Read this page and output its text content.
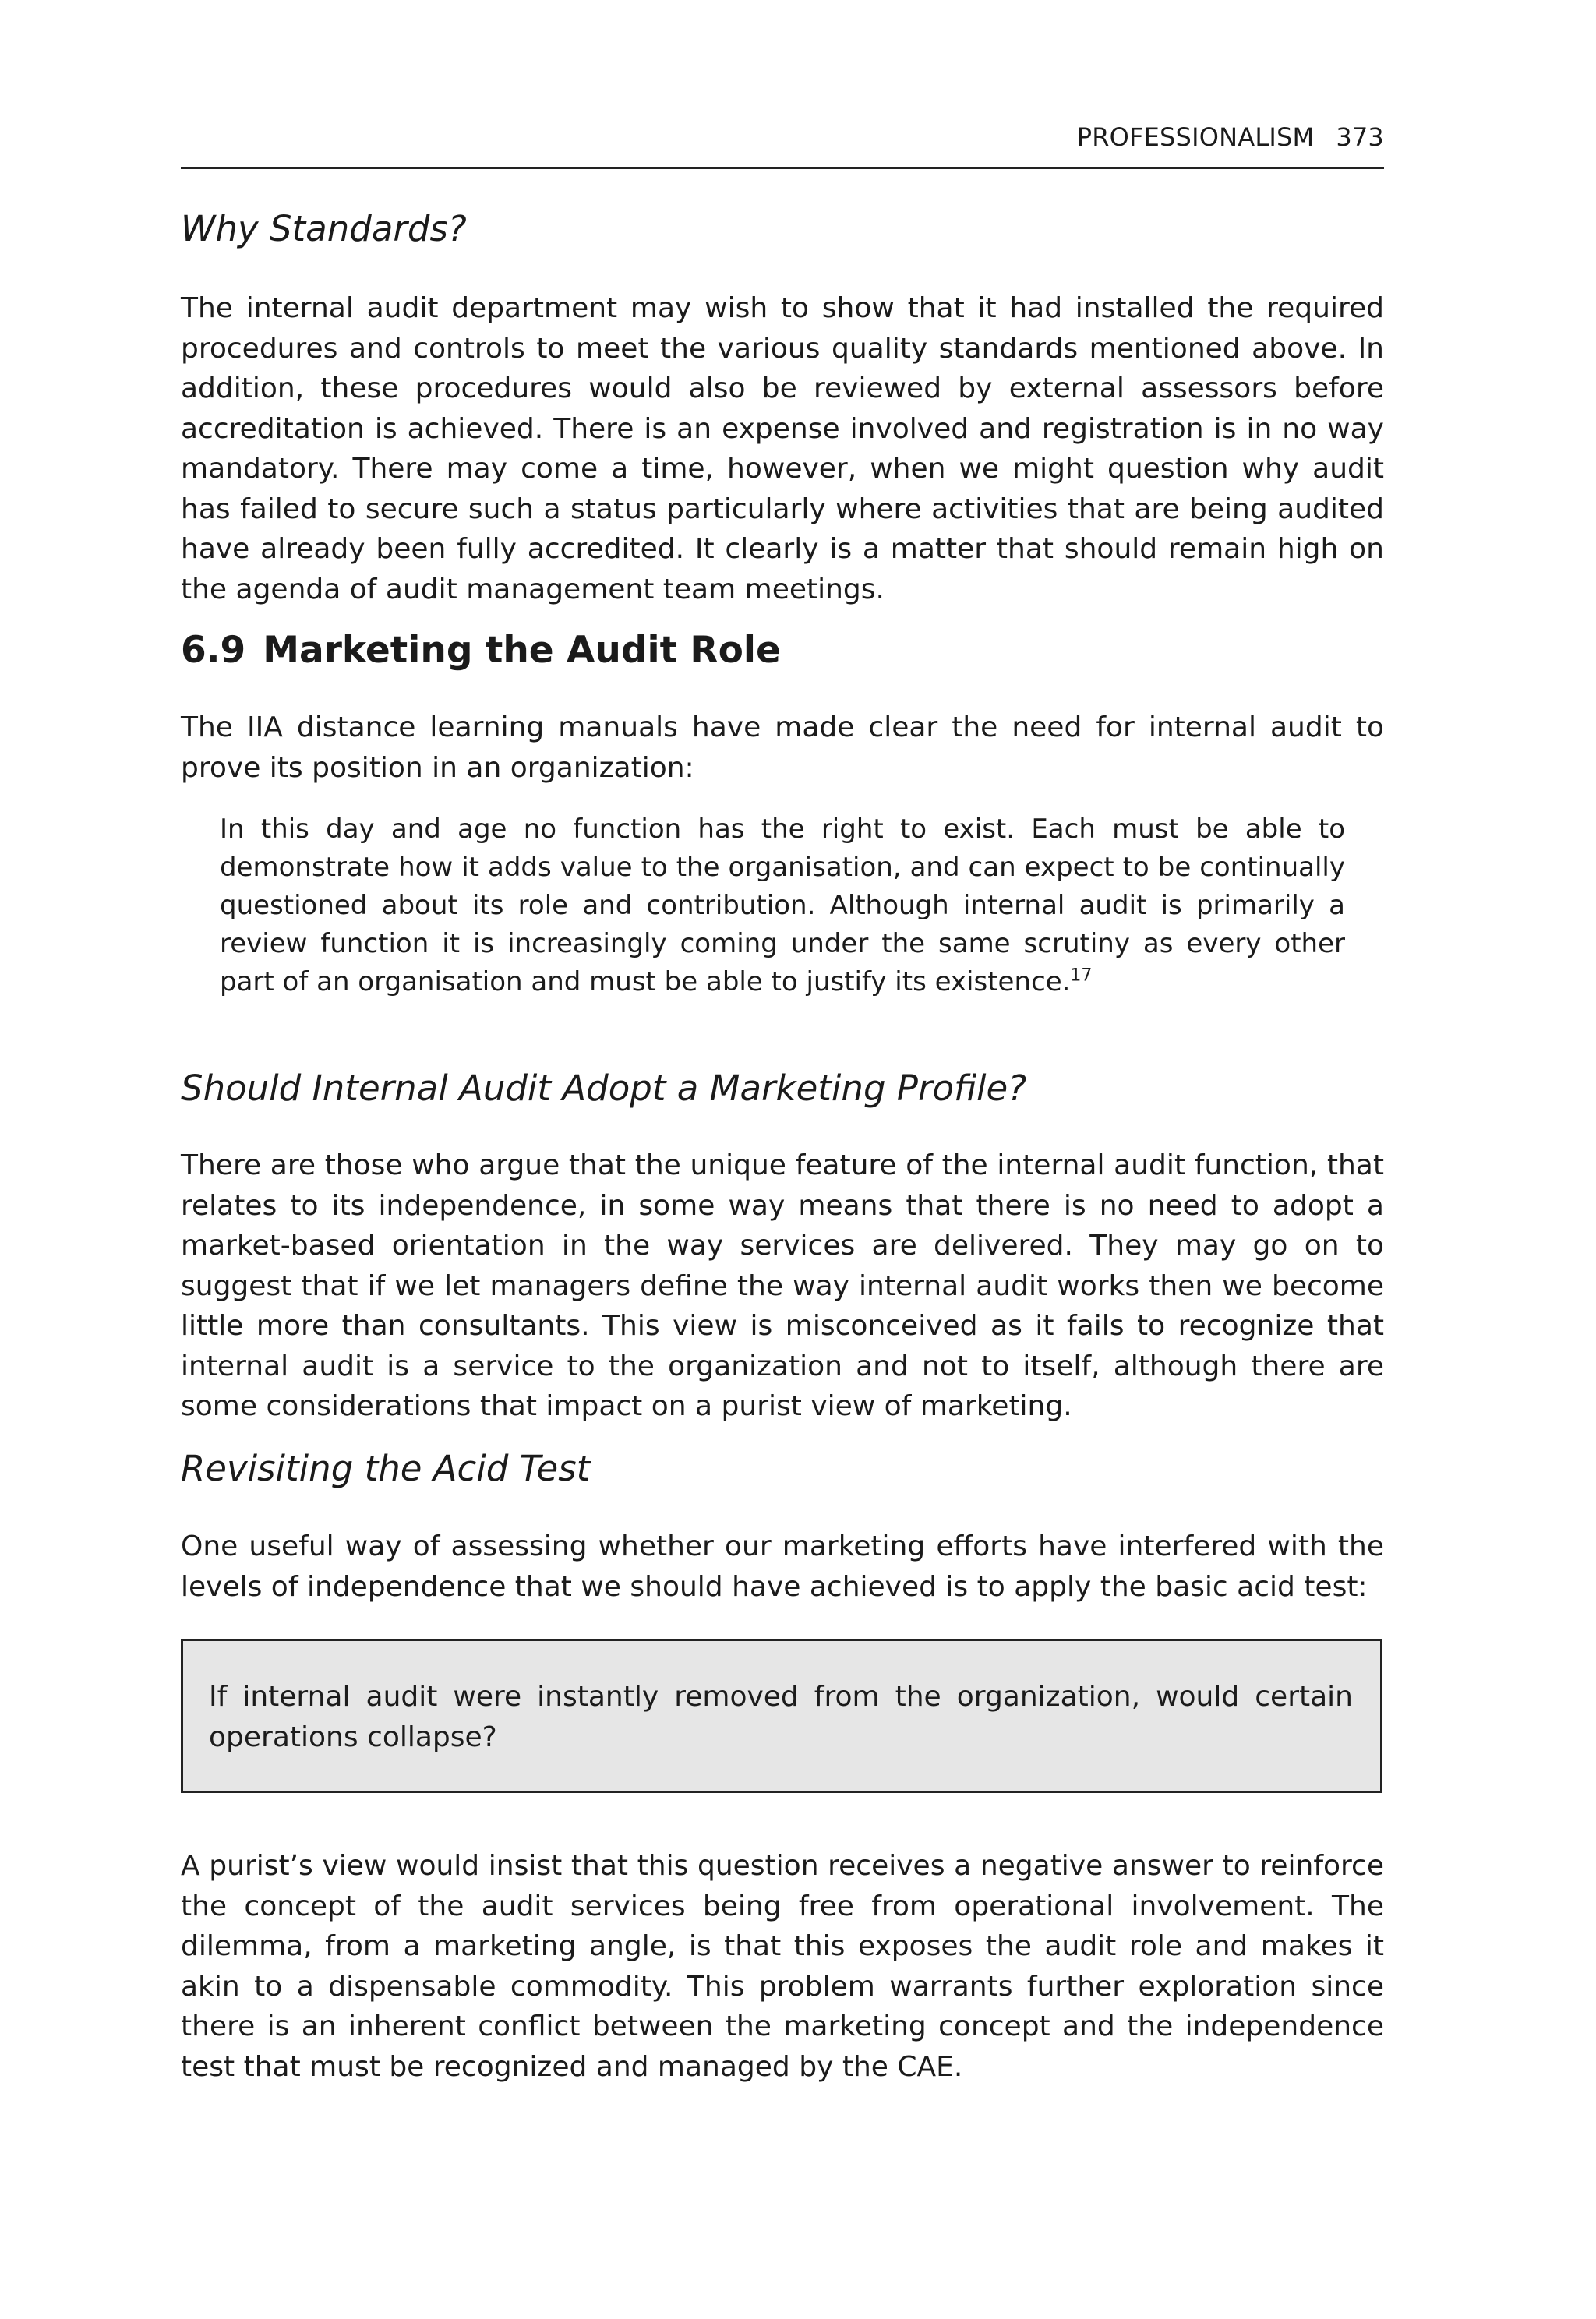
PROFESSIONALISM 373
Why Standards?

The internal audit department may wish to show that it had installed the required procedures and controls to meet the various quality standards mentioned above. In addition, these procedures would also be reviewed by external assessors before accreditation is achieved. There is an expense involved and registration is in no way mandatory. There may come a time, however, when we might question why audit has failed to secure such a status particularly where activities that are being audited have already been fully accredited. It clearly is a matter that should remain high on the agenda of audit management team meetings.

6.9 Marketing the Audit Role

The IIA distance learning manuals have made clear the need for internal audit to prove its position in an organization:

In this day and age no function has the right to exist. Each must be able to demonstrate how it adds value to the organisation, and can expect to be continually questioned about its role and contribution. Although internal audit is primarily a review function it is increasingly coming under the same scrutiny as every other part of an organisation and must be able to justify its existence.$^{17}$

Should Internal Audit Adopt a Marketing Profile?

There are those who argue that the unique feature of the internal audit function, that relates to its independence, in some way means that there is no need to adopt a market-based orientation in the way services are delivered. They may go on to suggest that if we let managers define the way internal audit works then we become little more than consultants. This view is misconceived as it fails to recognize that internal audit is a service to the organization and not to itself, although there are some considerations that impact on a purist view of marketing.

Revisiting the Acid Test

One useful way of assessing whether our marketing efforts have interfered with the levels of independence that we should have achieved is to apply the basic acid test:

If internal audit were instantly removed from the organization, would certain operations collapse?

A purist’s view would insist that this question receives a negative answer to reinforce the concept of the audit services being free from operational involvement. The dilemma, from a marketing angle, is that this exposes the audit role and makes it akin to a dispensable commodity. This problem warrants further exploration since there is an inherent conflict between the marketing concept and the independence test that must be recognized and managed by the CAE.
